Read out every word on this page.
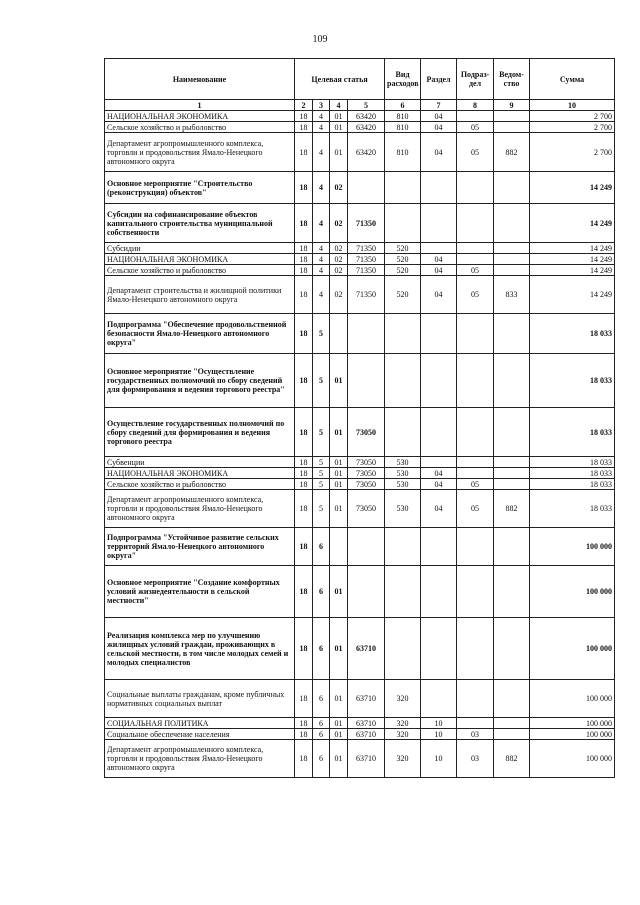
109
Наименование	Целевая статья				Вид расходов	Раздел	Подраз-дел	Ведом-ство	Сумма
1	2	3	4	5	6	7	8	9	10
НАЦИОНАЛЬНАЯ ЭКОНОМИКА	18	4	01	63420	810	04			2 700
Сельское хозяйство и рыболовство	18	4	01	63420	810	04	05		2 700
Департамент агропромышленного комплекса, торговли и продовольствия Ямало-Ненецкого автономного округа	18	4	01	63420	810	04	05	882	2 700
Основное мероприятие "Строительство (реконструкция) объектов"	18	4	02						14 249
Субсидии на софинансирование объектов капитального строительства муниципальной собственности	18	4	02	71350					14 249
Субсидии	18	4	02	71350	520				14 249
НАЦИОНАЛЬНАЯ ЭКОНОМИКА	18	4	02	71350	520	04			14 249
Сельское хозяйство и рыболовство	18	4	02	71350	520	04	05		14 249
Департамент строительства и жилищной политики Ямало-Ненецкого автономного округа	18	4	02	71350	520	04	05	833	14 249
Подпрограмма "Обеспечение продовольственной безопасности Ямало-Ненецкого автономного округа"	18	5							18 033
Основное мероприятие "Осуществление государственных полномочий по сбору сведений для формирования и ведения торгового реестра"	18	5	01						18 033
Осуществление государственных полномочий по сбору сведений для формирования и ведения торгового реестра	18	5	01	73050					18 033
Субвенции	18	5	01	73050	530				18 033
НАЦИОНАЛЬНАЯ ЭКОНОМИКА	18	5	01	73050	530	04			18 033
Сельское хозяйство и рыболовство	18	5	01	73050	530	04	05		18 033
Департамент агропромышленного комплекса, торговли и продовольствия Ямало-Ненецкого автономного округа	18	5	01	73050	530	04	05	882	18 033
Подпрограмма "Устойчивое развитие сельских территорий Ямало-Ненецкого автономного округа"	18	6							100 000
Основное мероприятие "Создание комфортных условий жизнедеятельности в сельской местности"	18	6	01						100 000
Реализация комплекса мер по улучшению жилищных условий граждан, проживающих в сельской местности, в том числе молодых семей и молодых специалистов	18	6	01	63710					100 000
Социальные выплаты гражданам, кроме публичных нормативных социальных выплат	18	6	01	63710	320				100 000
СОЦИАЛЬНАЯ ПОЛИТИКА	18	6	01	63710	320	10			100 000
Социальное обеспечение населения	18	6	01	63710	320	10	03		100 000
Департамент агропромышленного комплекса, торговли и продовольствия Ямало-Ненецкого автономного округа	18	6	01	63710	320	10	03	882	100 000
